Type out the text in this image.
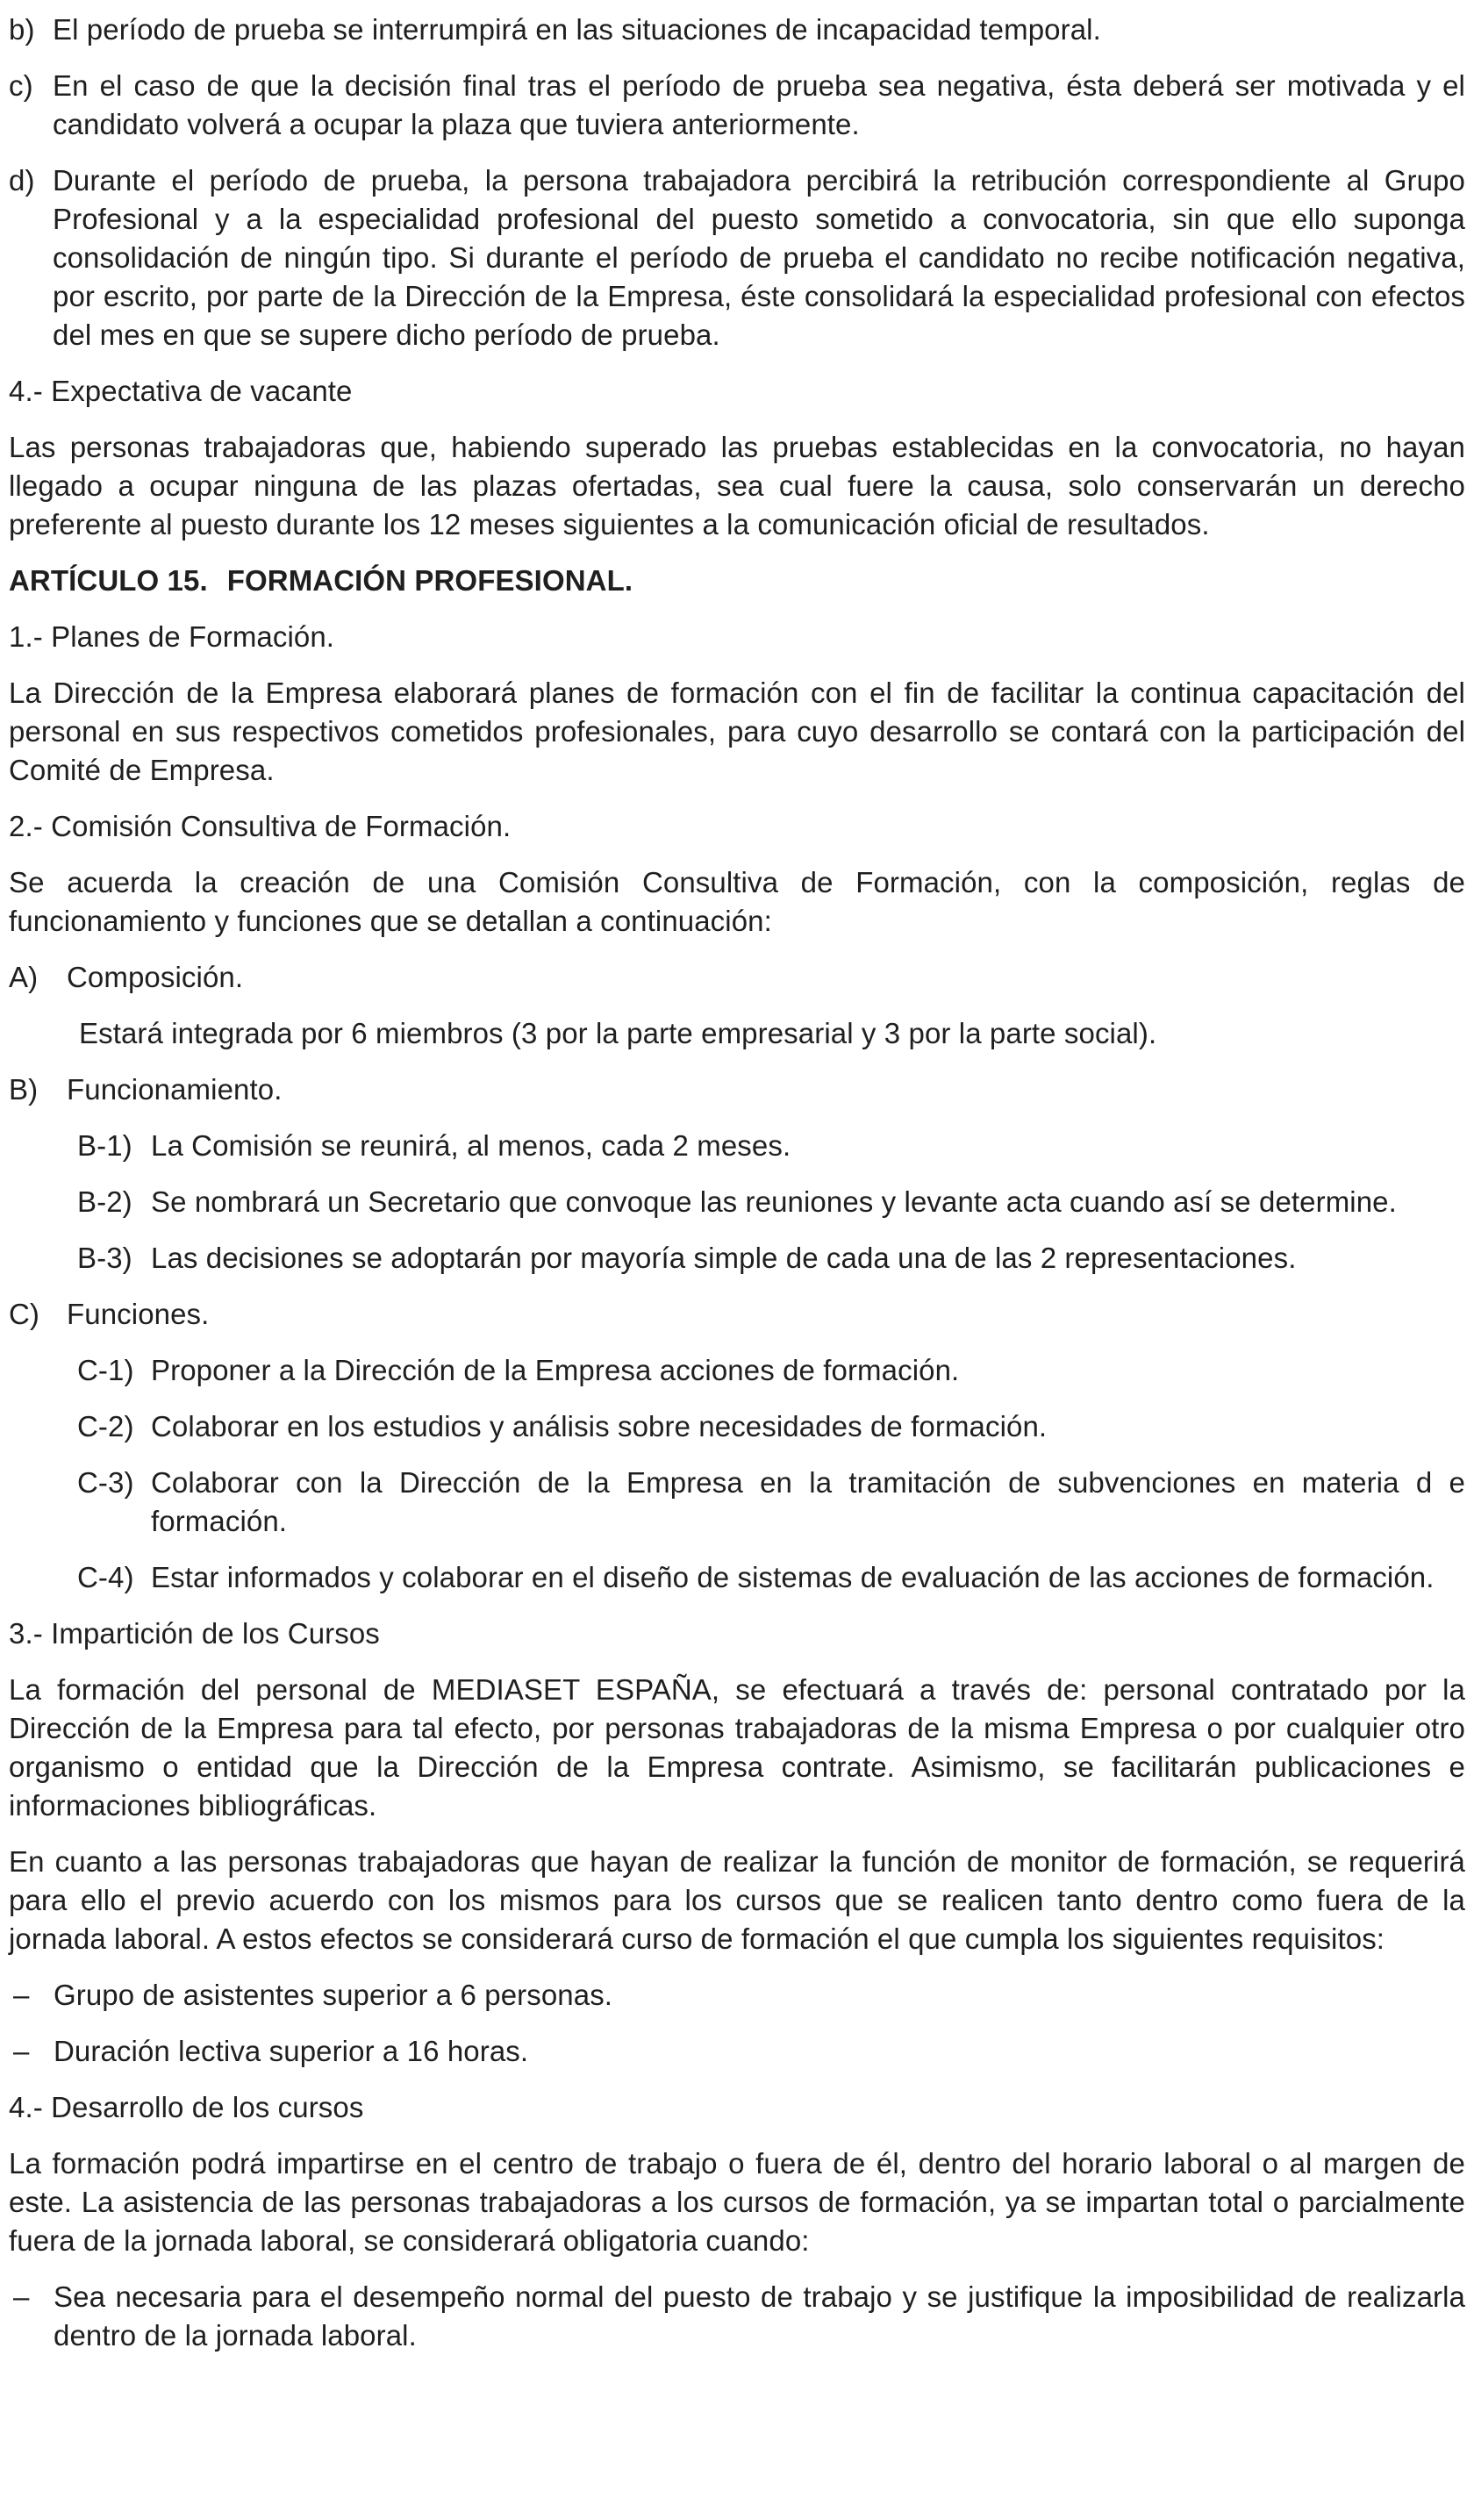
b) El período de prueba se interrumpirá en las situaciones de incapacidad temporal.
c) En el caso de que la decisión final tras el período de prueba sea negativa, ésta deberá ser motivada y el candidato volverá a ocupar la plaza que tuviera anteriormente.
d) Durante el período de prueba, la persona trabajadora percibirá la retribución correspondiente al Grupo Profesional y a la especialidad profesional del puesto sometido a convocatoria, sin que ello suponga consolidación de ningún tipo. Si durante el período de prueba el candidato no recibe notificación negativa, por escrito, por parte de la Dirección de la Empresa, éste consolidará la especialidad profesional con efectos del mes en que se supere dicho período de prueba.
4.- Expectativa de vacante
Las personas trabajadoras que, habiendo superado las pruebas establecidas en la convocatoria, no hayan llegado a ocupar ninguna de las plazas ofertadas, sea cual fuere la causa, solo conservarán un derecho preferente al puesto durante los 12 meses siguientes a la comunicación oficial de resultados.
ARTÍCULO 15. FORMACIÓN PROFESIONAL.
1.- Planes de Formación.
La Dirección de la Empresa elaborará planes de formación con el fin de facilitar la continua capacitación del personal en sus respectivos cometidos profesionales, para cuyo desarrollo se contará con la participación del Comité de Empresa.
2.- Comisión Consultiva de Formación.
Se acuerda la creación de una Comisión Consultiva de Formación, con la composición, reglas de funcionamiento y funciones que se detallan a continuación:
A) Composición.
Estará integrada por 6 miembros (3 por la parte empresarial y 3 por la parte social).
B) Funcionamiento.
B-1) La Comisión se reunirá, al menos, cada 2 meses.
B-2) Se nombrará un Secretario que convoque las reuniones y levante acta cuando así se determine.
B-3) Las decisiones se adoptarán por mayoría simple de cada una de las 2 representaciones.
C) Funciones.
C-1) Proponer a la Dirección de la Empresa acciones de formación.
C-2) Colaborar en los estudios y análisis sobre necesidades de formación.
C-3) Colaborar con la Dirección de la Empresa en la tramitación de subvenciones en materia d e formación.
C-4) Estar informados y colaborar en el diseño de sistemas de evaluación de las acciones de formación.
3.- Impartición de los Cursos
La formación del personal de MEDIASET ESPAÑA, se efectuará a través de: personal contratado por la Dirección de la Empresa para tal efecto, por personas trabajadoras de la misma Empresa o por cualquier otro organismo o entidad que la Dirección de la Empresa contrate. Asimismo, se facilitarán publicaciones e informaciones bibliográficas.
En cuanto a las personas trabajadoras que hayan de realizar la función de monitor de formación, se requerirá para ello el previo acuerdo con los mismos para los cursos que se realicen tanto dentro como fuera de la jornada laboral. A estos efectos se considerará curso de formación el que cumpla los siguientes requisitos:
– Grupo de asistentes superior a 6 personas.
– Duración lectiva superior a 16 horas.
4.- Desarrollo de los cursos
La formación podrá impartirse en el centro de trabajo o fuera de él, dentro del horario laboral o al margen de este. La asistencia de las personas trabajadoras a los cursos de formación, ya se impartan total o parcialmente fuera de la jornada laboral, se considerará obligatoria cuando:
– Sea necesaria para el desempeño normal del puesto de trabajo y se justifique la imposibilidad de realizarla dentro de la jornada laboral.
